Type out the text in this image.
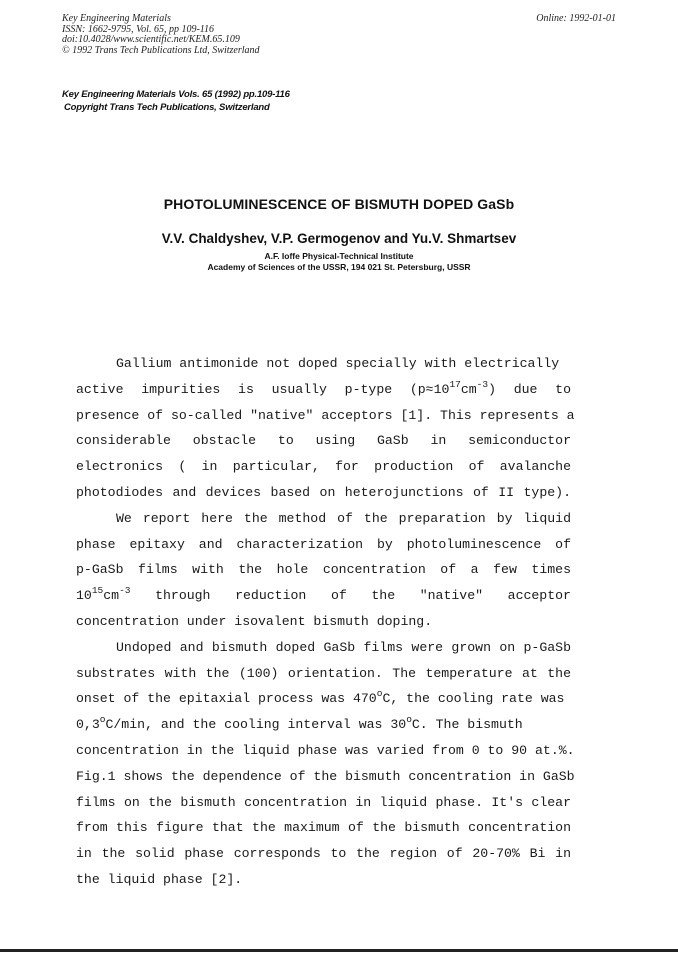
Key Engineering Materials
ISSN: 1662-9795, Vol. 65, pp 109-116
doi:10.4028/www.scientific.net/KEM.65.109
© 1992 Trans Tech Publications Ltd, Switzerland
Online: 1992-01-01
Key Engineering Materials Vols. 65 (1992) pp.109-116
Copyright Trans Tech Publications, Switzerland
PHOTOLUMINESCENCE OF BISMUTH DOPED GaSb
V.V. Chaldyshev, V.P. Germogenov and Yu.V. Shmartsev
A.F. Ioffe Physical-Technical Institute
Academy of Sciences of the USSR, 194 021 St. Petersburg, USSR
Gallium antimonide not doped specially with electrically
active impurities is usually p-type $(p\approx 10^{17}cm^{-3})$ due to
presence of so-called "native" acceptors [1]. This represents a
considerable obstacle to using GaSb in semiconductor
electronics ( in particular, for production of avalanche
photodiodes and devices based on heterojunctions of II type).
We report here the method of the preparation by liquid
phase epitaxy and characterization by photoluminescence of
p-GaSb films with the hole concentration of a few times
$10^{15}cm^{-3}$ through reduction of the "native" acceptor
concentration under isovalent bismuth doping.
Undoped and bismuth doped GaSb films were grown on p-GaSb
substrates with the (100) orientation. The temperature at the
onset of the epitaxial process was 470$^o$C, the cooling rate was
0,3$^o$C/min, and the cooling interval was 30$^o$C. The bismuth
concentration in the liquid phase was varied from 0 to 90 at.%.
Fig.1 shows the dependence of the bismuth concentration in GaSb
films on the bismuth concentration in liquid phase. It's clear
from this figure that the maximum of the bismuth concentration
in the solid phase corresponds to the region of 20-70% Bi in
the liquid phase [2].
